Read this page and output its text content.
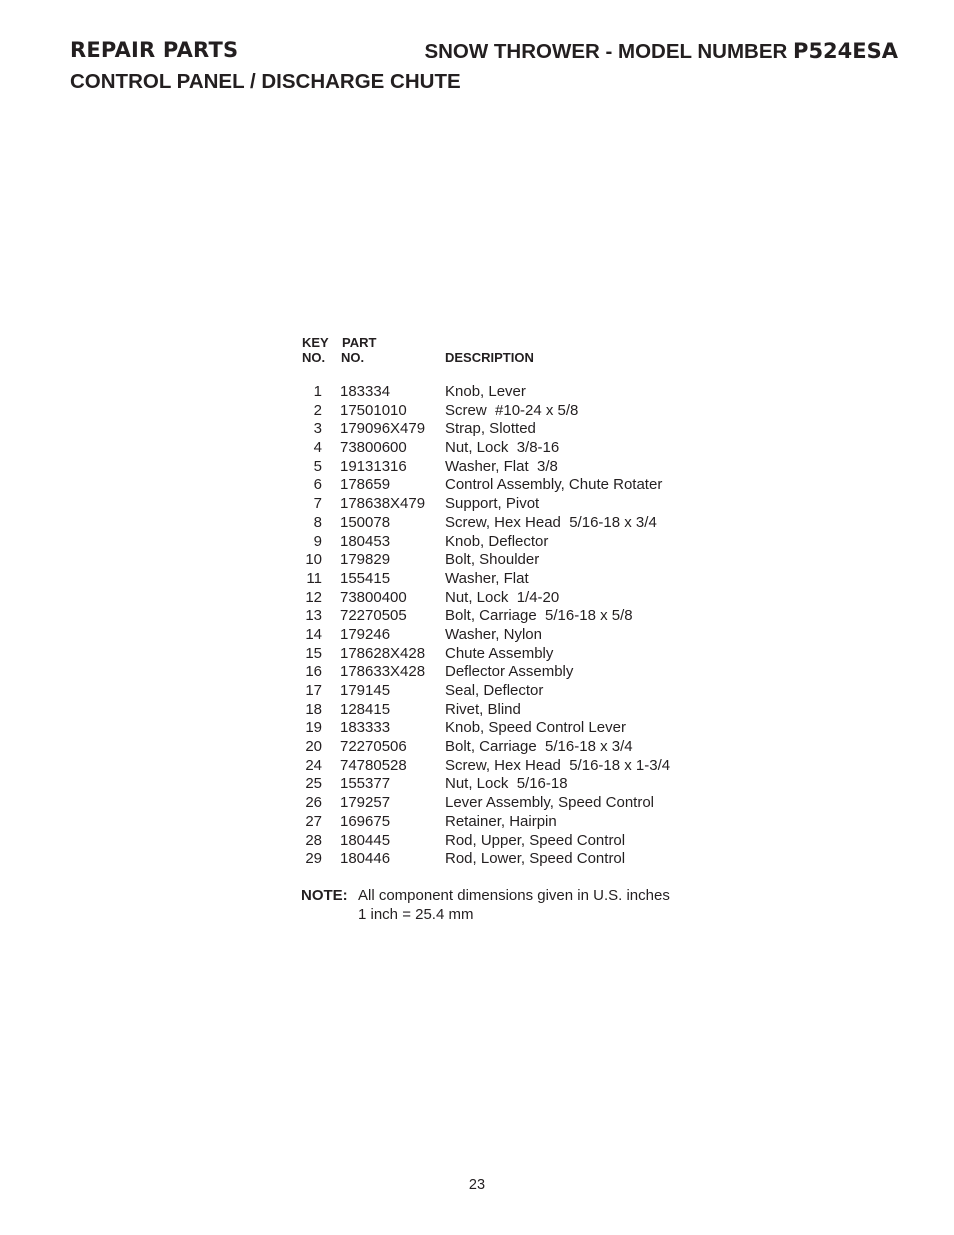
REPAIR PARTS	SNOW THROWER - MODEL NUMBER P524ESA
CONTROL PANEL / DISCHARGE CHUTE
KEY
NO.
PART
NO.	DESCRIPTION
1 183334	Knob, Lever
2 17501010	Screw  #10-24 x 5/8
3 179096X479	Strap, Slotted
4 73800600	Nut, Lock  3/8-16
5 19131316	Washer, Flat  3/8
6 178659	Control Assembly, Chute Rotater
7 178638X479	Support, Pivot
8 150078	Screw, Hex Head  5/16-18 x 3/4
9 180453	Knob, Deflector
10 179829	Bolt, Shoulder
11 155415	Washer, Flat
12 73800400	Nut, Lock  1/4-20
13 72270505	Bolt, Carriage  5/16-18 x 5/8
14 179246	Washer, Nylon
15 178628X428	Chute Assembly
16 178633X428	Deflector Assembly
17 179145	Seal, Deflector
18 128415	Rivet, Blind
19 183333	Knob, Speed Control Lever
20 72270506	Bolt, Carriage  5/16-18 x 3/4
24 74780528	Screw, Hex Head  5/16-18 x 1-3/4
25 155377	Nut, Lock  5/16-18
26 179257	Lever Assembly, Speed Control
27 169675	Retainer, Hairpin
28 180445	Rod, Upper, Speed Control
29 180446	Rod, Lower, Speed Control
NOTE: All component dimensions given in U.S. inches
1 inch = 25.4 mm
23
